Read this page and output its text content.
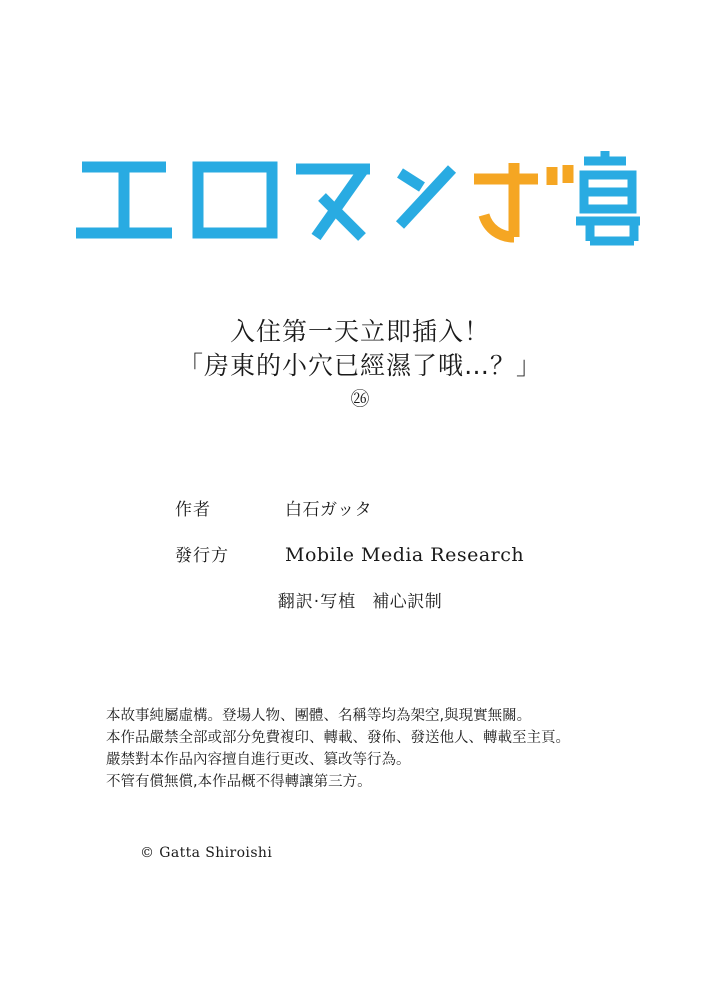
入住第一天立即插入！
「房東的小穴已經濕了哦…？」
㉖
作者	白石ガッタ
發行方	Mobile Media Research
翻訳·写植 補心訳制
本故事純屬虛構。登場人物、團體、名稱等均為架空,與現實無關。
本作品嚴禁全部或部分免費複印、轉載、發佈、發送他人、轉載至主頁。
嚴禁對本作品內容擅自進行更改、篡改等行為。
不管有償無償,本作品概不得轉讓第三方。
© Gatta Shiroishi
